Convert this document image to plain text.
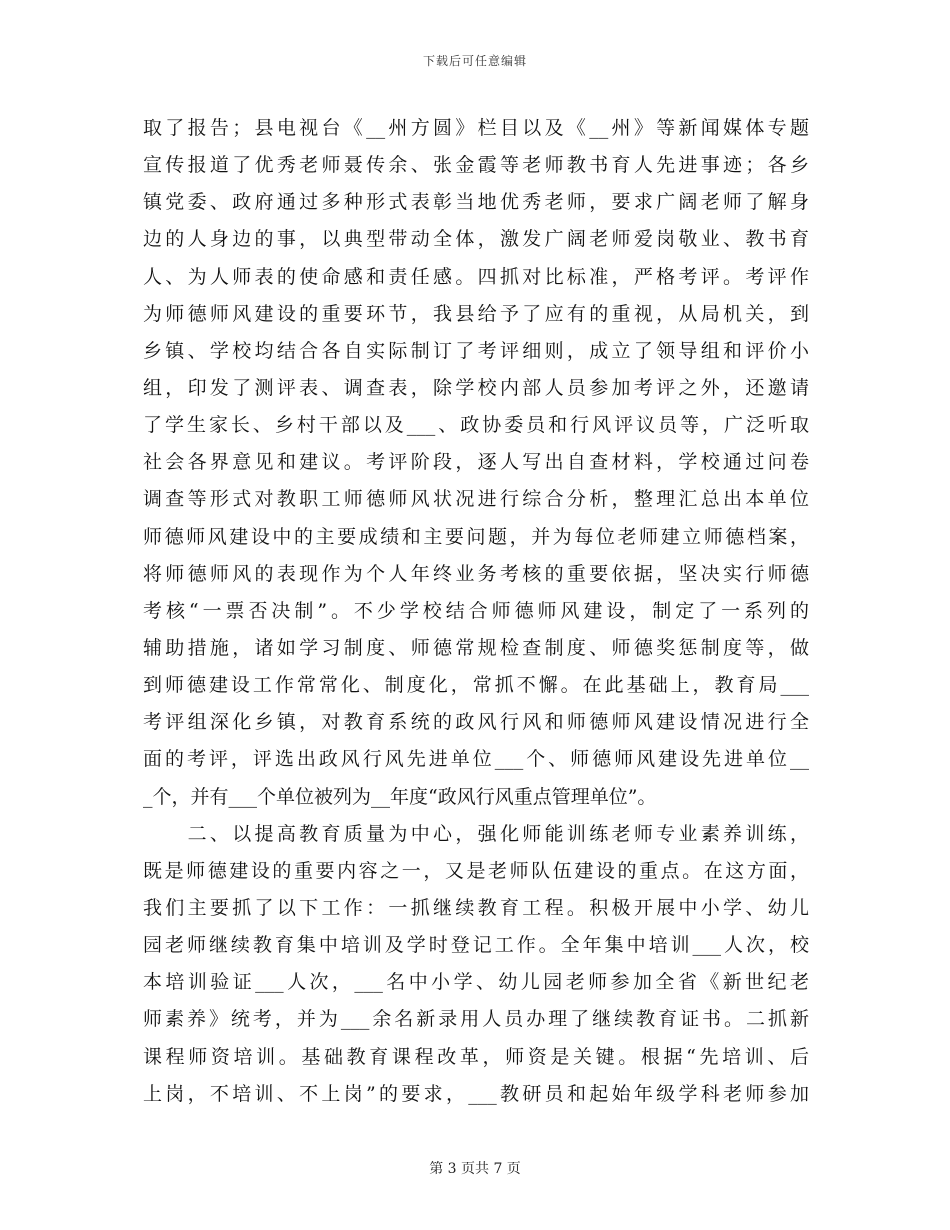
下载后可任意编辑
取了报告；县电视台《__州方圆》栏目以及《__州》等新闻媒体专题
宣传报道了优秀老师聂传余、张金霞等老师教书育人先进事迹；各乡
镇党委、政府通过多种形式表彰当地优秀老师，要求广阔老师了解身
边的人身边的事，以典型带动全体，激发广阔老师爱岗敬业、教书育
人、为人师表的使命感和责任感。四抓对比标准，严格考评。考评作
为师德师风建设的重要环节，我县给予了应有的重视，从局机关，到
乡镇、学校均结合各自实际制订了考评细则，成立了领导组和评价小
组，印发了测评表、调查表，除学校内部人员参加考评之外，还邀请
了学生家长、乡村干部以及___、政协委员和行风评议员等，广泛听取
社会各界意见和建议。考评阶段，逐人写出自查材料，学校通过问卷
调查等形式对教职工师德师风状况进行综合分析，整理汇总出本单位
师德师风建设中的主要成绩和主要问题，并为每位老师建立师德档案，
将师德师风的表现作为个人年终业务考核的重要依据，坚决实行师德
考核“一票否决制”。不少学校结合师德师风建设，制定了一系列的
辅助措施，诸如学习制度、师德常规检查制度、师德奖惩制度等，做
到师德建设工作常常化、制度化，常抓不懈。在此基础上，教育局___
考评组深化乡镇，对教育系统的政风行风和师德师风建设情况进行全
面的考评，评选出政风行风先进单位___个、师德师风建设先进单位__
_个，并有___个单位被列为__年度“政风行风重点管理单位”。
　　二、以提高教育质量为中心，强化师能训练老师专业素养训练，
既是师德建设的重要内容之一，又是老师队伍建设的重点。在这方面，
我们主要抓了以下工作：一抓继续教育工程。积极开展中小学、幼儿
园老师继续教育集中培训及学时登记工作。全年集中培训___人次，校
本培训验证___人次，___名中小学、幼儿园老师参加全省《新世纪老
师素养》统考，并为___余名新录用人员办理了继续教育证书。二抓新
课程师资培训。基础教育课程改革，师资是关键。根据“先培训、后
上岗，不培训、不上岗”的要求，___教研员和起始年级学科老师参加
第 3 页共 7 页
